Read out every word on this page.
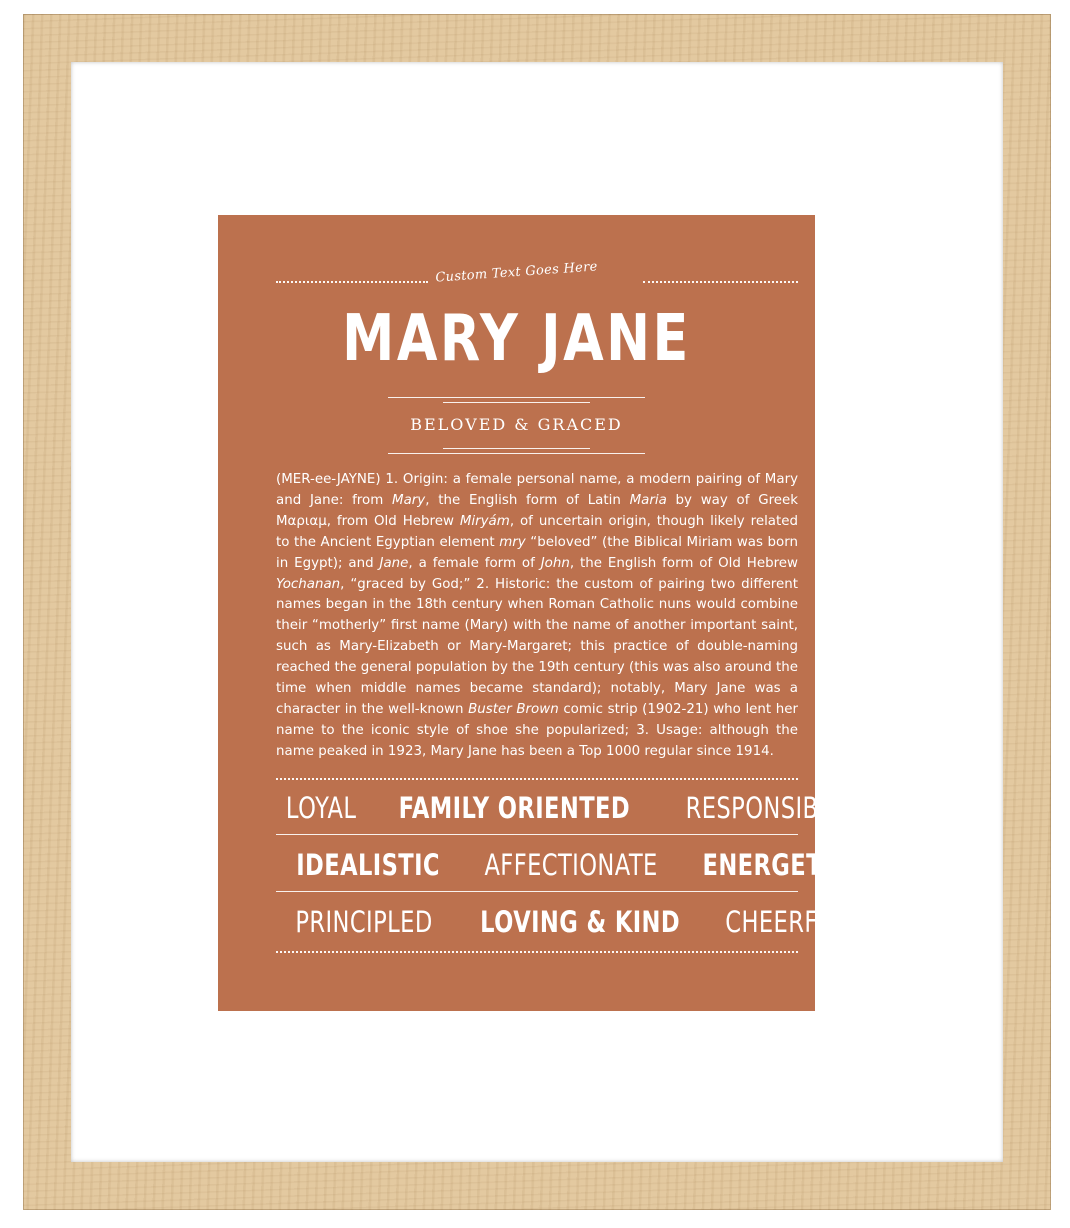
Custom Text Goes Here
MARY JANE
BELOVED & GRACED
(MER-ee-JAYNE) 1. Origin: a female personal name, a modern pairing of Mary and Jane: from Mary, the English form of Latin Maria by way of Greek Μαριαμ, from Old Hebrew Miryám, of uncertain origin, though likely related to the Ancient Egyptian element mry “beloved” (the Biblical Miriam was born in Egypt); and Jane, a female form of John, the English form of Old Hebrew Yochanan, “graced by God;” 2. Historic: the custom of pairing two different names began in the 18th century when Roman Catholic nuns would combine their “motherly” first name (Mary) with the name of another important saint, such as Mary-Elizabeth or Mary-Margaret; this practice of double-naming reached the general population by the 19th century (this was also around the time when middle names became standard); notably, Mary Jane was a character in the well-known Buster Brown comic strip (1902-21) who lent her name to the iconic style of shoe she popularized; 3. Usage: although the name peaked in 1923, Mary Jane has been a Top 1000 regular since 1914.
LOYAL FAMILY ORIENTED RESPONSIBLE
IDEALISTIC AFFECTIONATE ENERGETIC
PRINCIPLED LOVING & KIND CHEERFUL
